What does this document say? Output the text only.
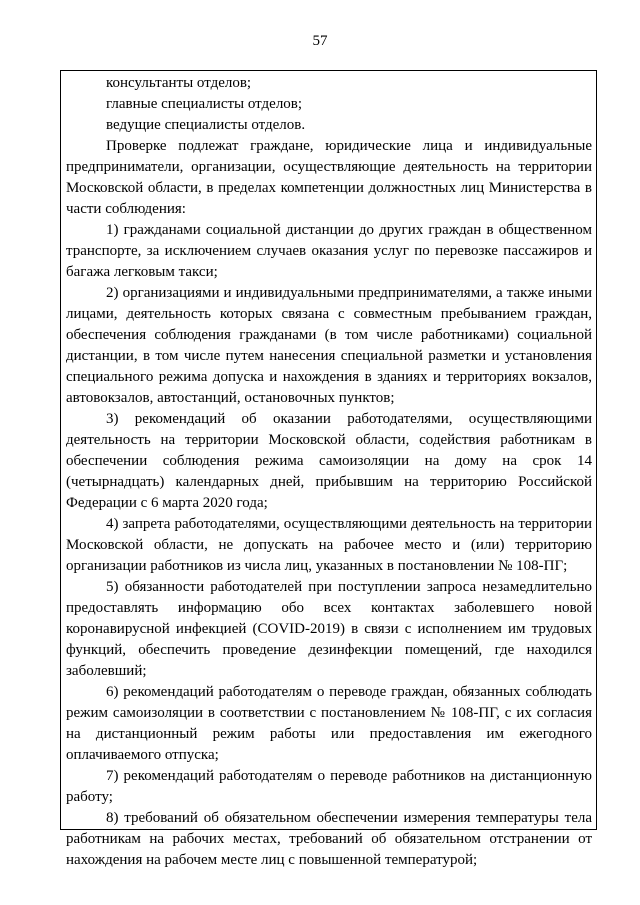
57

консультанты отделов;

главные специалисты отделов;

ведущие специалисты отделов.

Проверке подлежат граждане, юридические лица и индивидуальные предприниматели, организации, осуществляющие деятельность на территории Московской области, в пределах компетенции должностных лиц Министерства в части соблюдения:

1) гражданами социальной дистанции до других граждан в общественном транспорте, за исключением случаев оказания услуг по перевозке пассажиров и багажа легковым такси;

2) организациями и индивидуальными предпринимателями, а также иными лицами, деятельность которых связана с совместным пребыванием граждан, обеспечения соблюдения гражданами (в том числе работниками) социальной дистанции, в том числе путем нанесения специальной разметки и установления специального режима допуска и нахождения в зданиях и территориях вокзалов, автовокзалов, автостанций, остановочных пунктов;

3) рекомендаций об оказании работодателями, осуществляющими деятельность на территории Московской области, содействия работникам в обеспечении соблюдения режима самоизоляции на дому на срок 14 (четырнадцать) календарных дней, прибывшим на территорию Российской Федерации с 6 марта 2020 года;

4) запрета работодателями, осуществляющими деятельность на территории Московской области, не допускать на рабочее место и (или) территорию организации работников из числа лиц, указанных в постановлении № 108-ПГ;

5) обязанности работодателей при поступлении запроса незамедлительно предоставлять информацию обо всех контактах заболевшего новой коронавирусной инфекцией (COVID-2019) в связи с исполнением им трудовых функций, обеспечить проведение дезинфекции помещений, где находился заболевший;

6) рекомендаций работодателям о переводе граждан, обязанных соблюдать режим самоизоляции в соответствии с постановлением № 108-ПГ, с их согласия на дистанционный режим работы или предоставления им ежегодного оплачиваемого отпуска;

7) рекомендаций работодателям о переводе работников на дистанционную работу;

8) требований об обязательном обеспечении измерения температуры тела работникам на рабочих местах, требований об обязательном отстранении от нахождения на рабочем месте лиц с повышенной температурой;
